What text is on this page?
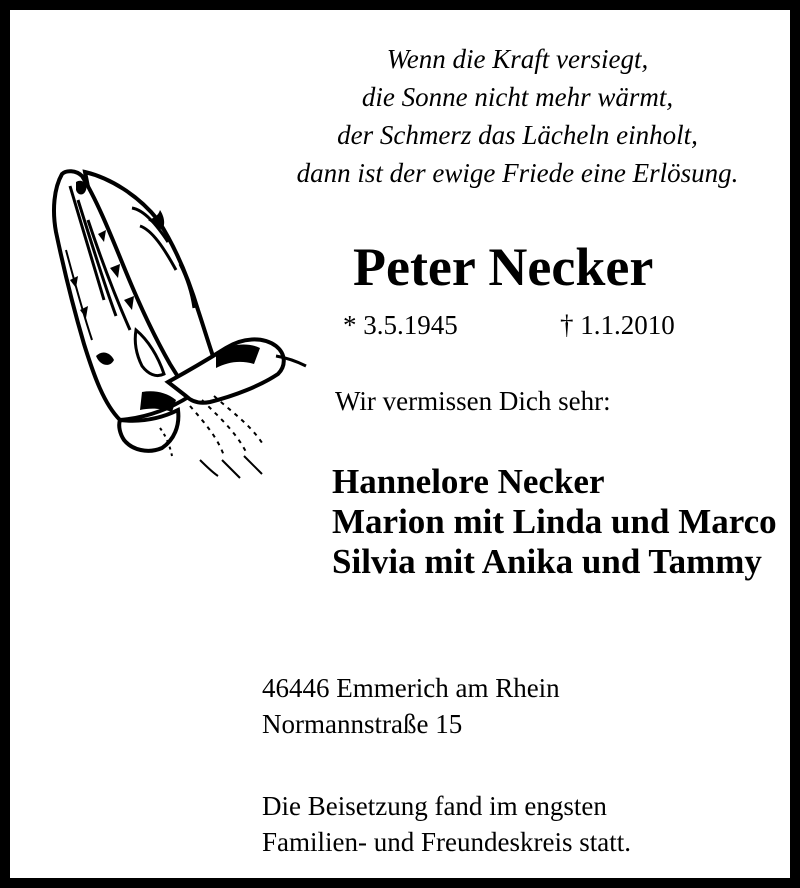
Wenn die Kraft versiegt,
die Sonne nicht mehr wärmt,
der Schmerz das Lächeln einholt,
dann ist der ewige Friede eine Erlösung.
Peter Necker
* 3.5.1945	† 1.1.2010
Wir vermissen Dich sehr:
Hannelore Necker
Marion mit Linda und Marco
Silvia mit Anika und Tammy
46446 Emmerich am Rhein
Normannstraße 15
Die Beisetzung fand im engsten
Familien- und Freundeskreis statt.
